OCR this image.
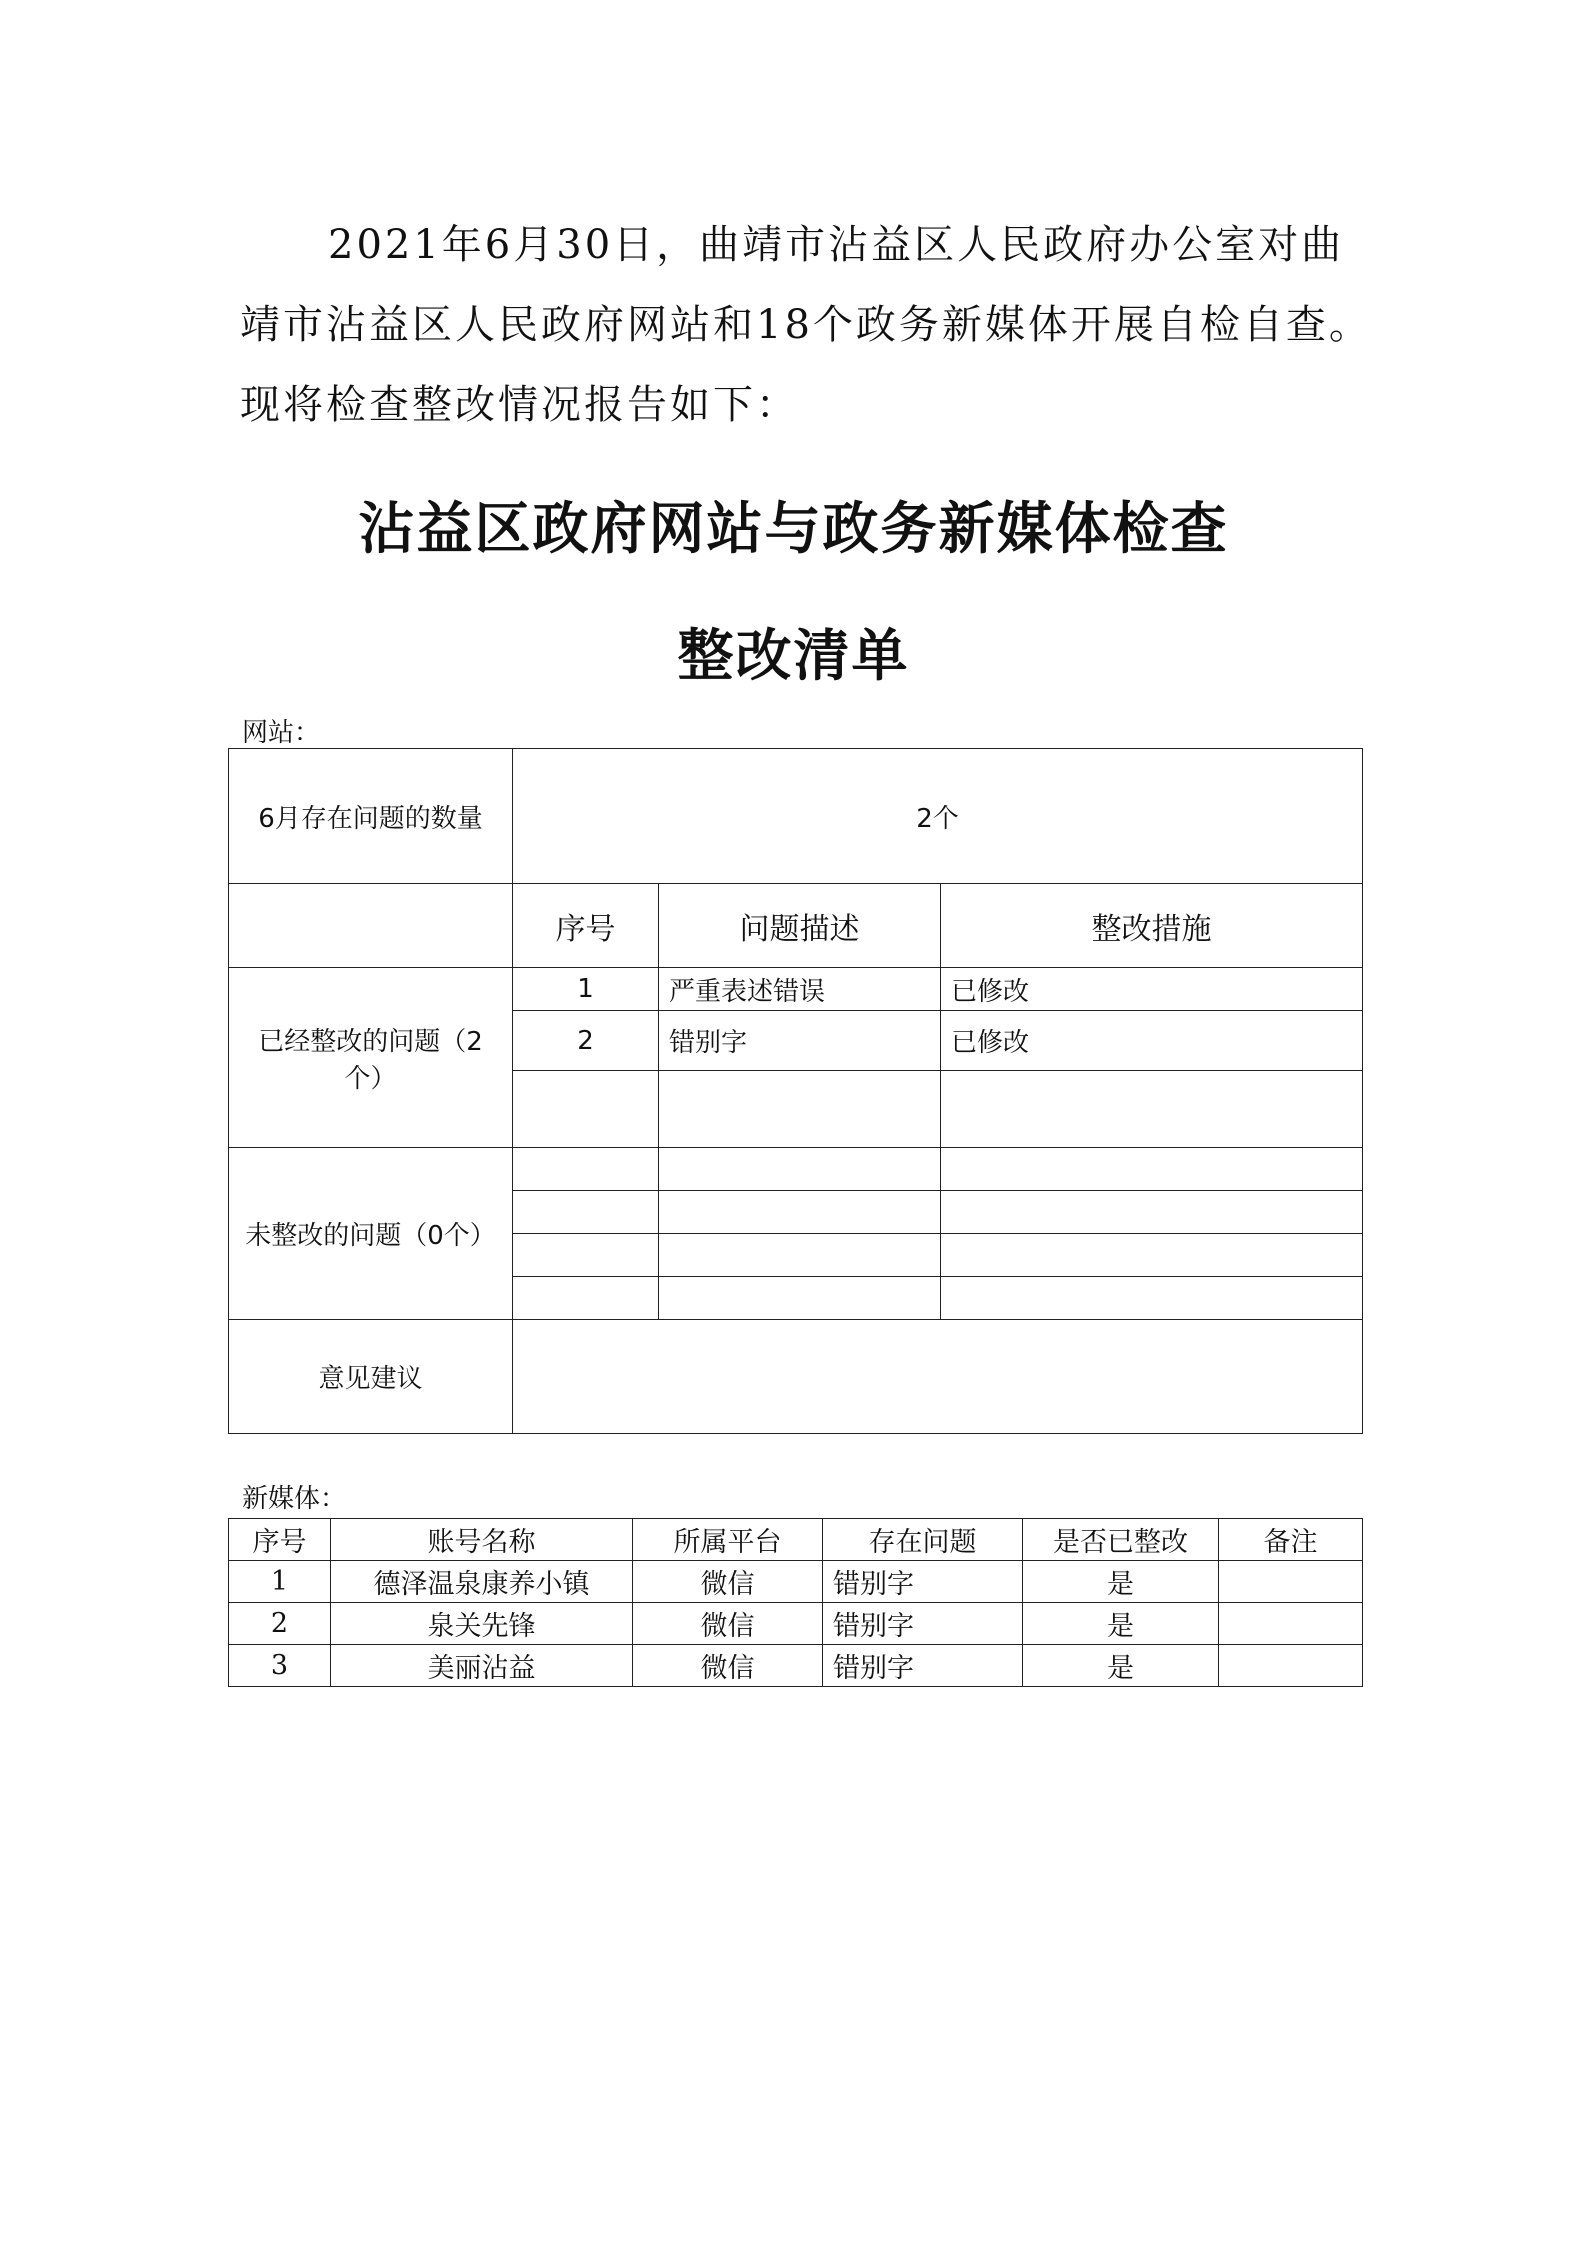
2021年6月30日，曲靖市沾益区人民政府办公室对曲靖市沾益区人民政府网站和18个政务新媒体开展自检自查。现将检查整改情况报告如下：
沾益区政府网站与政务新媒体检查
整改清单
网站：
6月存在问题的数量	2个		
	序号	问题描述	整改措施
已经整改的问题（2个）	1	严重表述错误	已修改
	2	错别字	已修改

未整改的问题（0个）			

意见建议			
新媒体：
序号	账号名称	所属平台	存在问题	是否已整改	备注
1	德泽温泉康养小镇	微信	错别字	是	
2	泉关先锋	微信	错别字	是	
3	美丽沾益	微信	错别字	是	
